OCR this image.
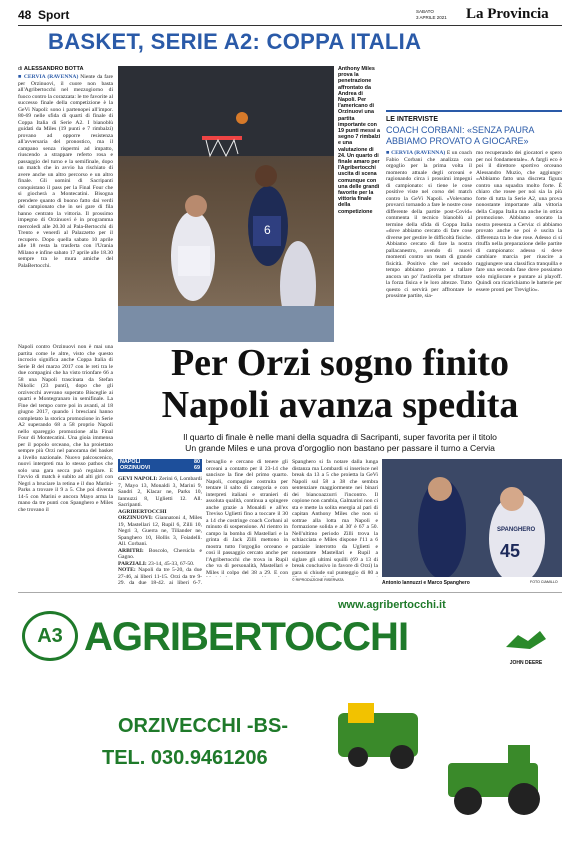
48 Sport	SABATO
3 APRILE 2021 La Provincia
BASKET, SERIE A2: COPPA ITALIA
di ALESSANDRO BOTTA
■ CERVIA (RAVENNA) Niente da fare per Orzinuovi, il cuore non basta all'Agribertocchi nel mezzogiorno di fuoco contro la corazzata: le tre favorite al successo finale della competizione è la GeVi Napoli: sono i partenopei all'impor. 80-69 nelle sfida di quarti di finale di Coppa Italia di Serie A2. I bianoblù guidati da Miles (19 punti e 7 rimbalzi) provano ad opporre resistenza all'avversaria del pronostico, ma il campano senza rispermi ad impatto, riuscendo a strappare referto rosa e passaggio del turno e la semifinale, dopo un match che in avvio ha rischiato di avere anche un altro percorso e un altro finale. Gli uomini di Sacripanti conquistano il pass per la Final Four che si giocherà a Montecatini. Bisogna prendere quanto di buono fatto dai verdi del campionato che in sei gare di fila hanno centrato la vittoria. Il prossimo impegno di Orzinuovi è in programma mercoledì alle 20.30 al Pala-Bertocchi di Trento e venerdì al Palazzetto per il recupero. Dopo quella sabato 10 aprile alle 18 resta la trasferta con l'Urania Milano e infine sabato 17 aprile alle 18.30 sempre tra le mura amiche del PalaBertocchi.
6
Anthony Miles prova la penetrazione affrontato da Andrea di Napoli. Per l'americano di Orzinuovi una partita importante con 19 punti messi a segno 7 rimbalzi e una valutazione di 24. Un quarto di finale amaro per l'Agribertocchi uscita di scena comunque con una delle grandi favorite per la vittoria finale della competizione
LE INTERVISTE
COACH CORBANI: «SENZA PAURA ABBIAMO PROVATO A GIOCARE»
■ CERVIA (RAVENNA) È un coach Fabio Corbani che analizza con orgoglio per la prima volta il momento attuale degli orceani e ragionando circa i prossimi impegni di campionato: si tiene le cose positive viste nel corso del match contro la GeVi Napoli. «Volevamo provarci tornando a fare le nostre cose differente della partite post-Covid» commenta il tecnico bianoblù al termine della sfida di Coppa Italia «dove abbiamo cercato di fare cose diverse per gestire le difficoltà fisiche. Abbiamo cercato di fare la nostra pallacanestro, avendo di nuovi momenti contro un team di grande fisicità. Positivo che nel secondo tempo abbiamo provato a tallare ancora un po' l'asticella per sfruttare la forza fisica e le loro altezze. Tutto questo ci servirà per affrontare le prossime partite, sia-
mo recuperando dei giocatori e spero per noi fondamentale». A fargli eco è poi il direttore sportivo orceano Alessandro Muzio, che aggiunge: «Abbiamo fatto una discreta figura contro una squadra molto forte. È chiaro che rosee per noi sia la più forte di tutta la Serie A2, una prova nonostante importante alla vittoria della Coppa Italia ma anche in ottica promozione. Abbiamo onorato la nostra presenza a Cervia: ci abbiamo provato anche se poi è uscita la differenza tra le due rose. Adesso ci si rituffa nella preparazione delle partite di campionato: adesso si deve cambiare marcia per riuscire a raggiungere una classifica tranquilla e fare una seconda fase dove possiamo solo migliorare e puntare ai playoff. Quindi ora ricarichiamo le batterie per essere pronti per Treviglio».
Per Orzi sogno finito
Napoli avanza spedita
Il quarto di finale è nelle mani della squadra di Sacripanti, super favorita per il titolo
Un grande Miles e una prova d'orgoglio non bastano per passare il turno a Cervia
Napoli contro Orzinuovi non è mai una partita come le altre, visto che questo incrocio significa anche Coppa Italia di Serie B del marzo 2017 con le reti tra le due compagini che ha visto trionfare 66 a 58 una Napoli trascinata da Stefan Nikolic (23 punti), dopo che gli orzivecchi avevano superato Bisceglie ai quarti e Montegranaro in semifinale. La Fine del tempo corre poi in avanti, al 18 giugno 2017, quando i bresciani hanno completato la storica promozione in Serie A2 superando 68 a 58 proprio Napoli nello spareggio promozione alla Final Four di Montecatini. Una gioia immensa per il popolo orceano, che ha proiettato sempre più Orzi nel panorama del basket a livello nazionale. Nuovo palcoscenico, nuovi interpreti ma lo stesso pathos che solo una gara secca può regalare. E l'avvio di match è subito ad alti giri con Negri a bruciare la retina e il duo Marini-Parks a trovare il 9 a 5. Che poi diventa 14-5 con Marini e ancora Mayo arma la mano da tre punti con Spanghero e Miles che trovano il
NAPOLI	80
ORZINUOVI	69

GEVI NAPOLI: Zerini 6, Lombardi 7, Mayo 13, Monaldi 3, Marini 9, Sandri 2, Klacar ne, Parks 10, Iannuzzi 8, Uglietti 12. All. Sacripanti.

AGRIBERTOCCHI ORZINUOVI: Giannatoni 4, Miles 19, Mastellari 12, Rupil 6, Zilli 10, Negri 3, Guerra ne, Tiliander ne, Spanghero 10, Hollis 3, Foiadelli. All. Corbani.

ARBITRI: Boscolo, Chersicla e Gagno.

PARZIALI: 23-14, 45-33, 67-50.

NOTE: Napoli da tre 5-20, da due 27-46, ai liberi 11-15. Orzi da tre 9-29, da due 18-42, ai liberi 6-7.

bersaglio e cercano di tenere gli orceani a contatto per il 23-14 che sancisce la fine del primo quarto. Napoli, compagine costruita per tentare il salto di categoria e con interpreti italiani e stranieri di assoluta qualità, continua a spingere anche grazie a Monaldi e all'ex Treviso Uglietti fino a toccare il 30 a 14 che costringe coach Corbani al minuto di sospensione. Al rientro in campo la bomba di Mastellari e la grinta di Jack Zilli mettono in mostra tutto l'orgoglio orceano e così il passaggio cercato anche per l'Agribertocchi che trova in Rupil che va di personalità, Mastellari e Miles il colpo del 38 a 29. E con
© RIPRODUZIONE RISERVATA
Spanghero si fa notare dalla lunga distanza ma Lombardi si inserisce nel break da 13 a 5 che proietta la GeVi Napoli sul 58 a 38 che sembra sentenziare maggiormente nei binari dei biancoazzurri l'incontro. Il copione non cambia, Galmarini non ci sta e mette la solita energia al pari di capitan Anthony Miles che non si sottrae alla lotta ma Napoli e formazione solida e al 30' è 67 a 50. Nell'ultimo periodo Zilli trova la schiacciata e Miles dispone l'11 a 6 parziale interrotto da Uglietti e nonostante Mastellari e Rupil a siglare gli ultimi squilli (69 a 13 di break conclusivo in favore di Orzi) la gara si chiude sul punteggio di 80 a
45
SPANGHERO
Antonio Iannuzzi e Marco Spanghero	FOTO CIAMILLO
www.agribertocchi.it
A3 AGRIBERTOCCHI
JOHN DEERE
ORZIVECCHI -BS-
TEL. 030.9461206
